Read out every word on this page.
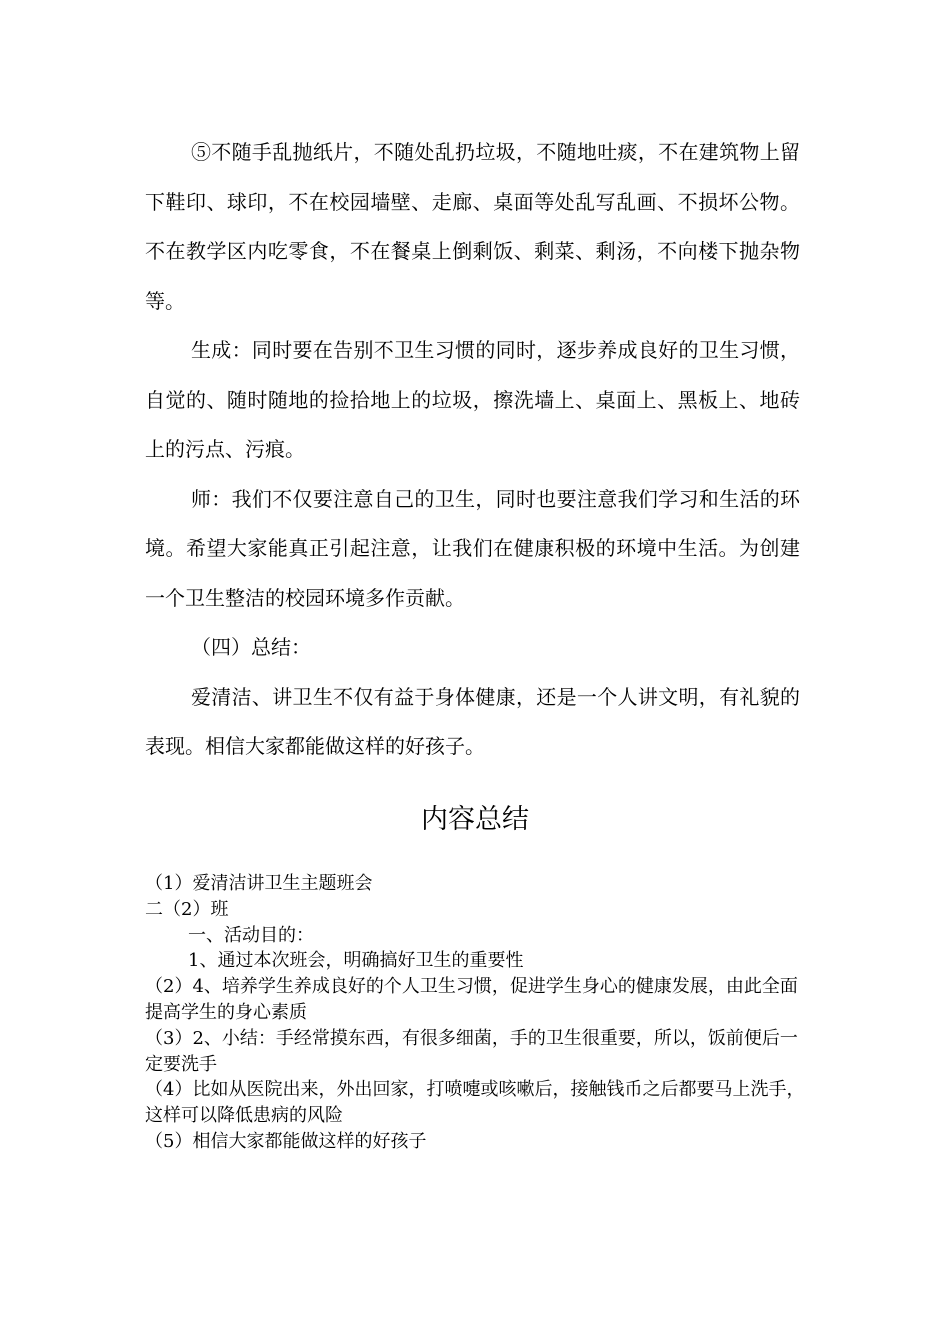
⑤不随手乱抛纸片，不随处乱扔垃圾，不随地吐痰，不在建筑物上留下鞋印、球印，不在校园墙壁、走廊、桌面等处乱写乱画、不损坏公物。不在教学区内吃零食，不在餐桌上倒剩饭、剩菜、剩汤，不向楼下抛杂物等。

生成：同时要在告别不卫生习惯的同时，逐步养成良好的卫生习惯，自觉的、随时随地的捡拾地上的垃圾，擦洗墙上、桌面上、黑板上、地砖上的污点、污痕。

师：我们不仅要注意自己的卫生，同时也要注意我们学习和生活的环境。希望大家能真正引起注意，让我们在健康积极的环境中生活。为创建一个卫生整洁的校园环境多作贡献。

（四）总结：

爱清洁、讲卫生不仅有益于身体健康，还是一个人讲文明，有礼貌的表现。相信大家都能做这样的好孩子。

内容总结

（1）爱清洁讲卫生主题班会

二（2）班

一、活动目的：

1、通过本次班会，明确搞好卫生的重要性

（2）4、培养学生养成良好的个人卫生习惯，促进学生身心的健康发展，由此全面提高学生的身心素质

（3）2、小结：手经常摸东西，有很多细菌，手的卫生很重要，所以，饭前便后一定要洗手

（4）比如从医院出来，外出回家，打喷嚏或咳嗽后，接触钱币之后都要马上洗手，这样可以降低患病的风险

（5）相信大家都能做这样的好孩子
